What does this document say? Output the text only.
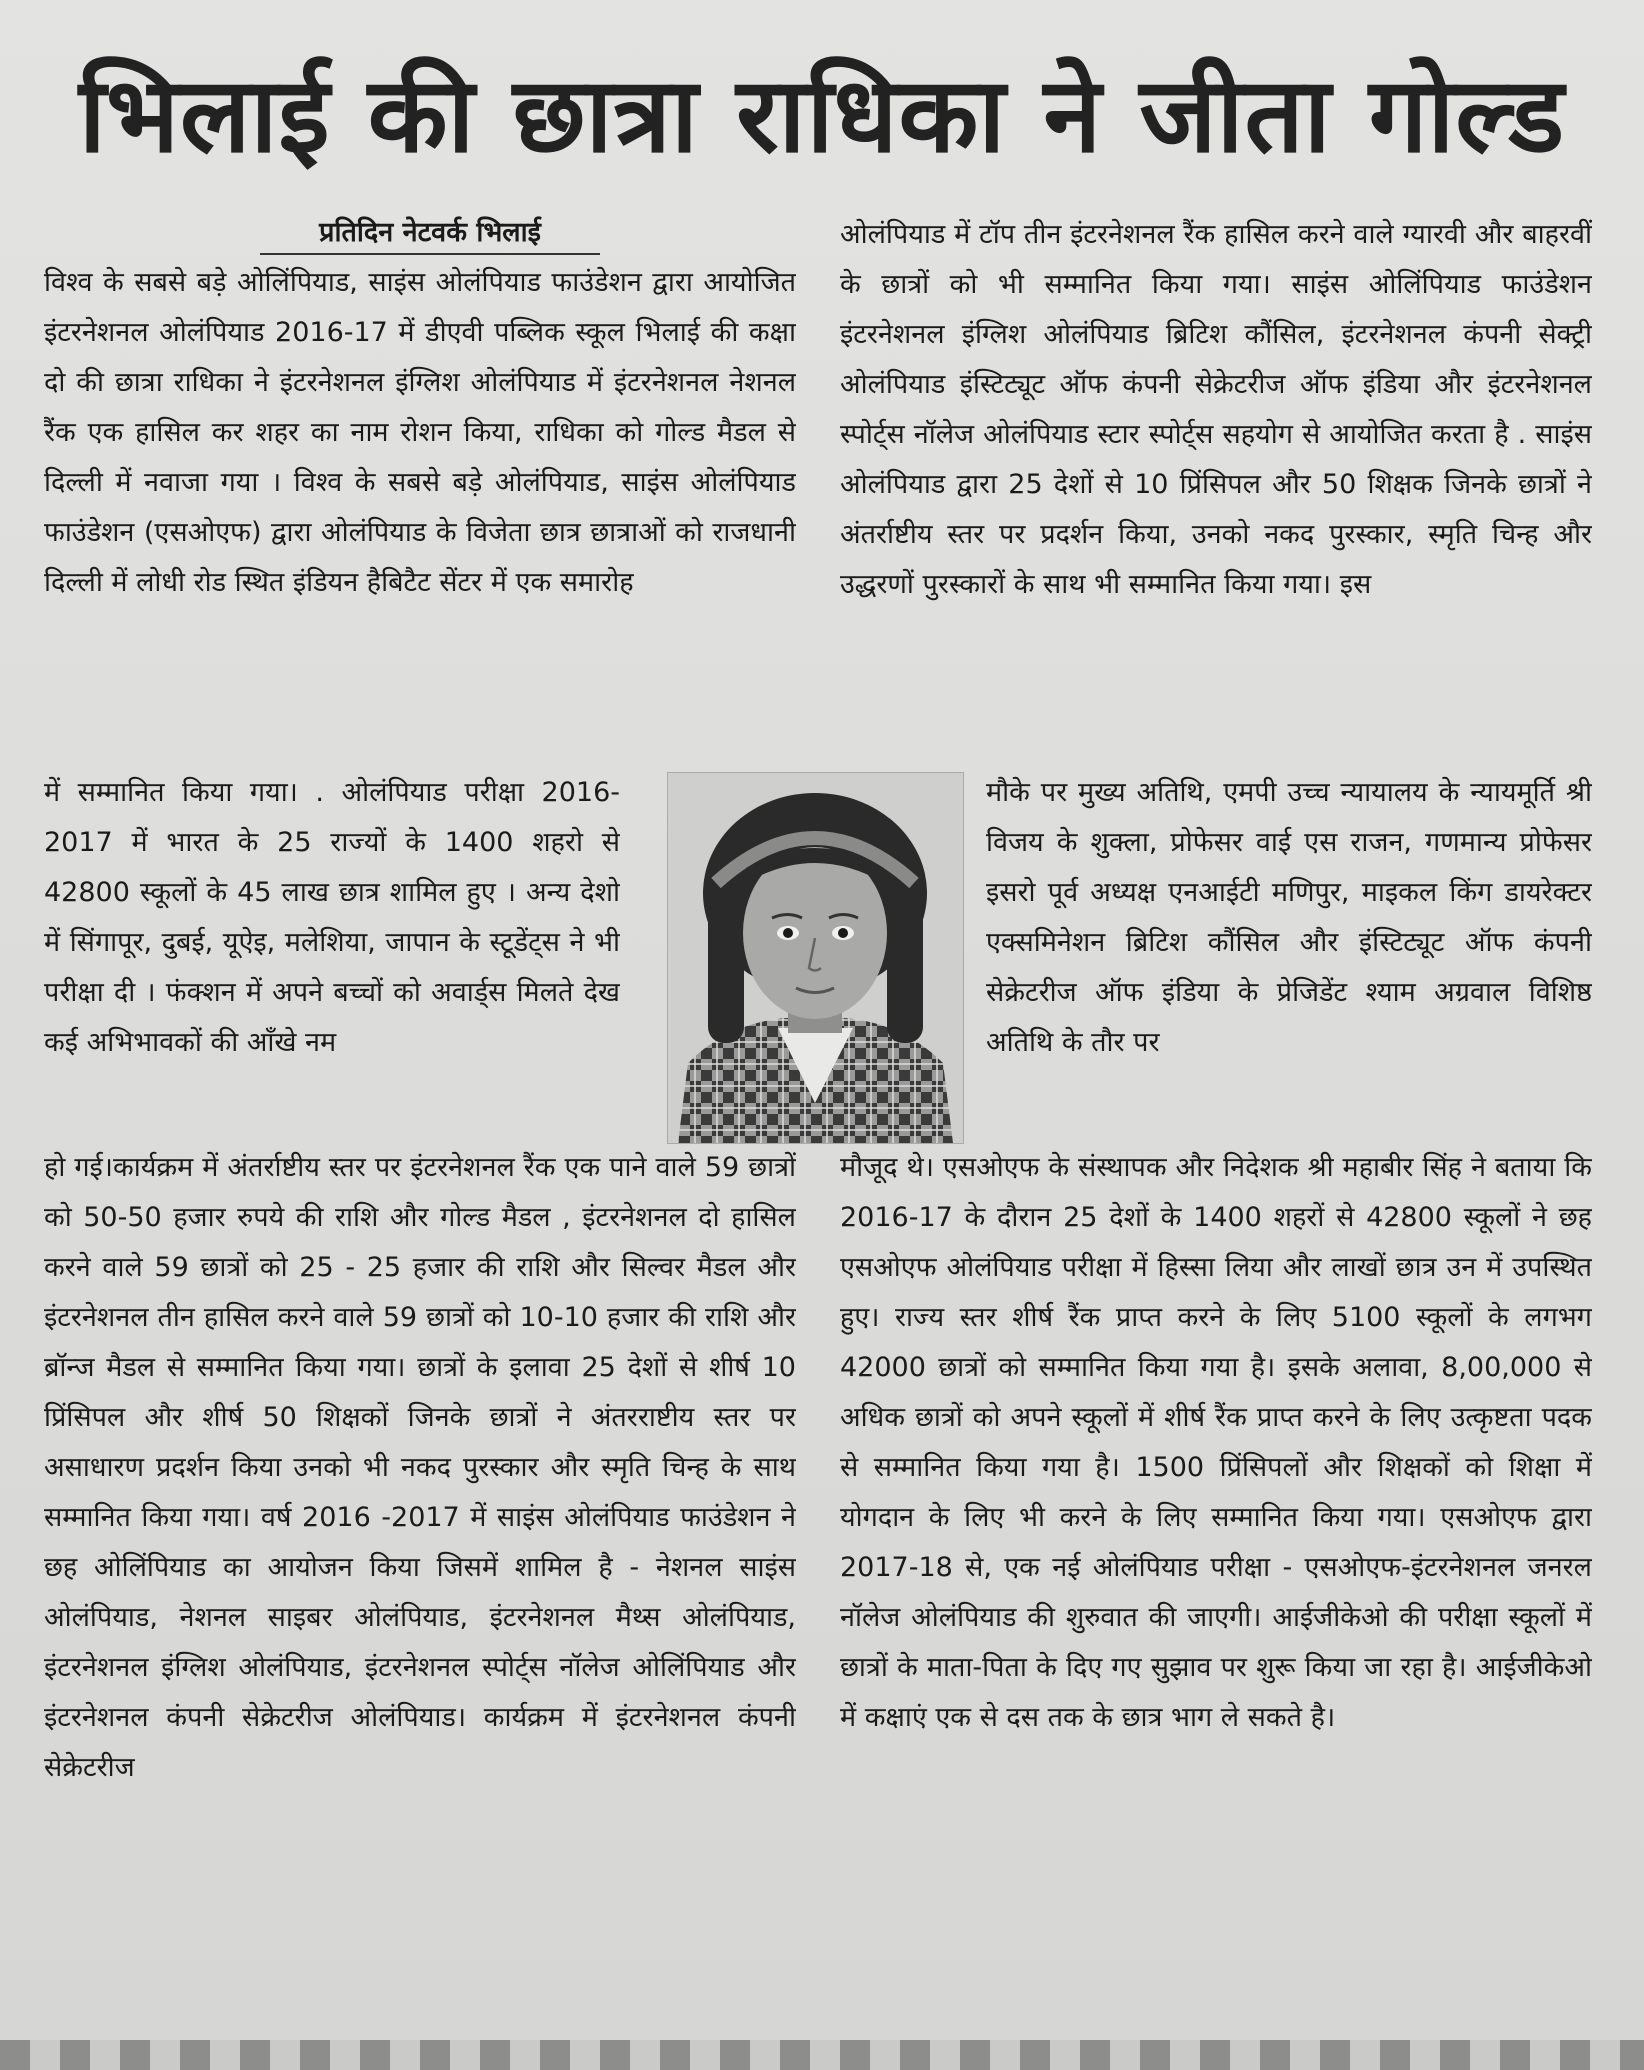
भिलाई की छात्रा राधिका ने जीता गोल्ड
प्रतिदिन नेटवर्क भिलाई

विश्व के सबसे बड़े ओलिंपियाड, साइंस ओलंपियाड फाउंडेशन द्वारा आयोजित इंटरनेशनल ओलंपियाड 2016-17 में डीएवी पब्लिक स्कूल भिलाई की कक्षा दो की छात्रा राधिका ने इंटरनेशनल इंग्लिश ओलंपियाड में इंटरनेशनल नेशनल रैंक एक हासिल कर शहर का नाम रोशन किया, राधिका को गोल्ड मैडल से दिल्ली में नवाजा गया । विश्व के सबसे बड़े ओलंपियाड, साइंस ओलंपियाड फाउंडेशन (एसओएफ) द्वारा ओलंपियाड के विजेता छात्र छात्राओं को राजधानी दिल्ली में लोधी रोड स्थित इंडियन हैबिटैट सेंटर में एक समारोह

में सम्मानित किया गया। . ओलंपियाड परीक्षा 2016-2017 में भारत के 25 राज्यों के 1400 शहरो से 42800 स्कूलों के 45 लाख छात्र शामिल हुए । अन्य देशो में सिंगापूर, दुबई, यूऐइ, मलेशिया, जापान के स्टूडेंट्स ने भी परीक्षा दी । फंक्शन में अपने बच्चों को अवार्ड्स मिलते देख कई अभिभावकों की आँखे नम

हो गई।कार्यक्रम में अंतर्राष्टीय स्तर पर इंटरनेशनल रैंक एक पाने वाले 59 छात्रों को 50-50 हजार रुपये की राशि और गोल्ड मैडल , इंटरनेशनल दो हासिल करने वाले 59 छात्रों को 25 - 25 हजार की राशि और सिल्वर मैडल और इंटरनेशनल तीन हासिल करने वाले 59 छात्रों को 10-10 हजार की राशि और ब्रॉन्ज मैडल से सम्मानित किया गया। छात्रों के इलावा 25 देशों से शीर्ष 10 प्रिंसिपल और शीर्ष 50 शिक्षकों जिनके छात्रों ने अंतरराष्टीय स्तर पर असाधारण प्रदर्शन किया उनको भी नकद पुरस्कार और स्मृति चिन्ह के साथ सम्मानित किया गया। वर्ष 2016 -2017 में साइंस ओलंपियाड फाउंडेशन ने छह ओलिंपियाड का आयोजन किया जिसमें शामिल है - नेशनल साइंस ओलंपियाड, नेशनल साइबर ओलंपियाड, इंटरनेशनल मैथ्स ओलंपियाड, इंटरनेशनल इंग्लिश ओलंपियाड, इंटरनेशनल स्पोर्ट्स नॉलेज ओलिंपियाड और इंटरनेशनल कंपनी सेक्रेटरीज ओलंपियाड। कार्यक्रम में इंटरनेशनल कंपनी सेक्रेटरीज

ओलंपियाड में टॉप तीन इंटरनेशनल रैंक हासिल करने वाले ग्यारवी और बाहरवीं के छात्रों को भी सम्मानित किया गया। साइंस ओलिंपियाड फाउंडेशन इंटरनेशनल इंग्लिश ओलंपियाड ब्रिटिश कौंसिल, इंटरनेशनल कंपनी सेक्ट्री ओलंपियाड इंस्टिट्यूट ऑफ कंपनी सेक्रेटरीज ऑफ इंडिया और इंटरनेशनल स्पोर्ट्स नॉलेज ओलंपियाड स्टार स्पोर्ट्स सहयोग से आयोजित करता है . साइंस ओलंपियाड द्वारा 25 देशों से 10 प्रिंसिपल और 50 शिक्षक जिनके छात्रों ने अंतर्राष्टीय स्तर पर प्रदर्शन किया, उनको नकद पुरस्कार, स्मृति चिन्ह और उद्धरणों पुरस्कारों के साथ भी सम्मानित किया गया। इस

मौके पर मुख्य अतिथि, एमपी उच्च न्यायालय के न्यायमूर्ति श्री विजय के शुक्ला, प्रोफेसर वाई एस राजन, गणमान्य प्रोफेसर इसरो पूर्व अध्यक्ष एनआईटी मणिपुर, माइकल किंग डायरेक्टर एक्समिनेशन ब्रिटिश कौंसिल और इंस्टिट्यूट ऑफ कंपनी सेक्रेटरीज ऑफ इंडिया के प्रेजिडेंट श्याम अग्रवाल विशिष्ठ अतिथि के तौर पर

मौजूद थे। एसओएफ के संस्थापक और निदेशक श्री महाबीर सिंह ने बताया कि 2016-17 के दौरान 25 देशों के 1400 शहरों से 42800 स्कूलों ने छह एसओएफ ओलंपियाड परीक्षा में हिस्सा लिया और लाखों छात्र उन में उपस्थित हुए। राज्य स्तर शीर्ष रैंक प्राप्त करने के लिए 5100 स्कूलों के लगभग 42000 छात्रों को सम्मानित किया गया है। इसके अलावा, 8,00,000 से अधिक छात्रों को अपने स्कूलों में शीर्ष रैंक प्राप्त करने के लिए उत्कृष्टता पदक से सम्मानित किया गया है। 1500 प्रिंसिपलों और शिक्षकों को शिक्षा में योगदान के लिए भी करने के लिए सम्मानित किया गया। एसओएफ द्वारा 2017-18 से, एक नई ओलंपियाड परीक्षा - एसओएफ-इंटरनेशनल जनरल नॉलेज ओलंपियाड की शुरुवात की जाएगी। आईजीकेओ की परीक्षा स्कूलों में छात्रों के माता-पिता के दिए गए सुझाव पर शुरू किया जा रहा है। आईजीकेओ में कक्षाएं एक से दस तक के छात्र भाग ले सकते है।
